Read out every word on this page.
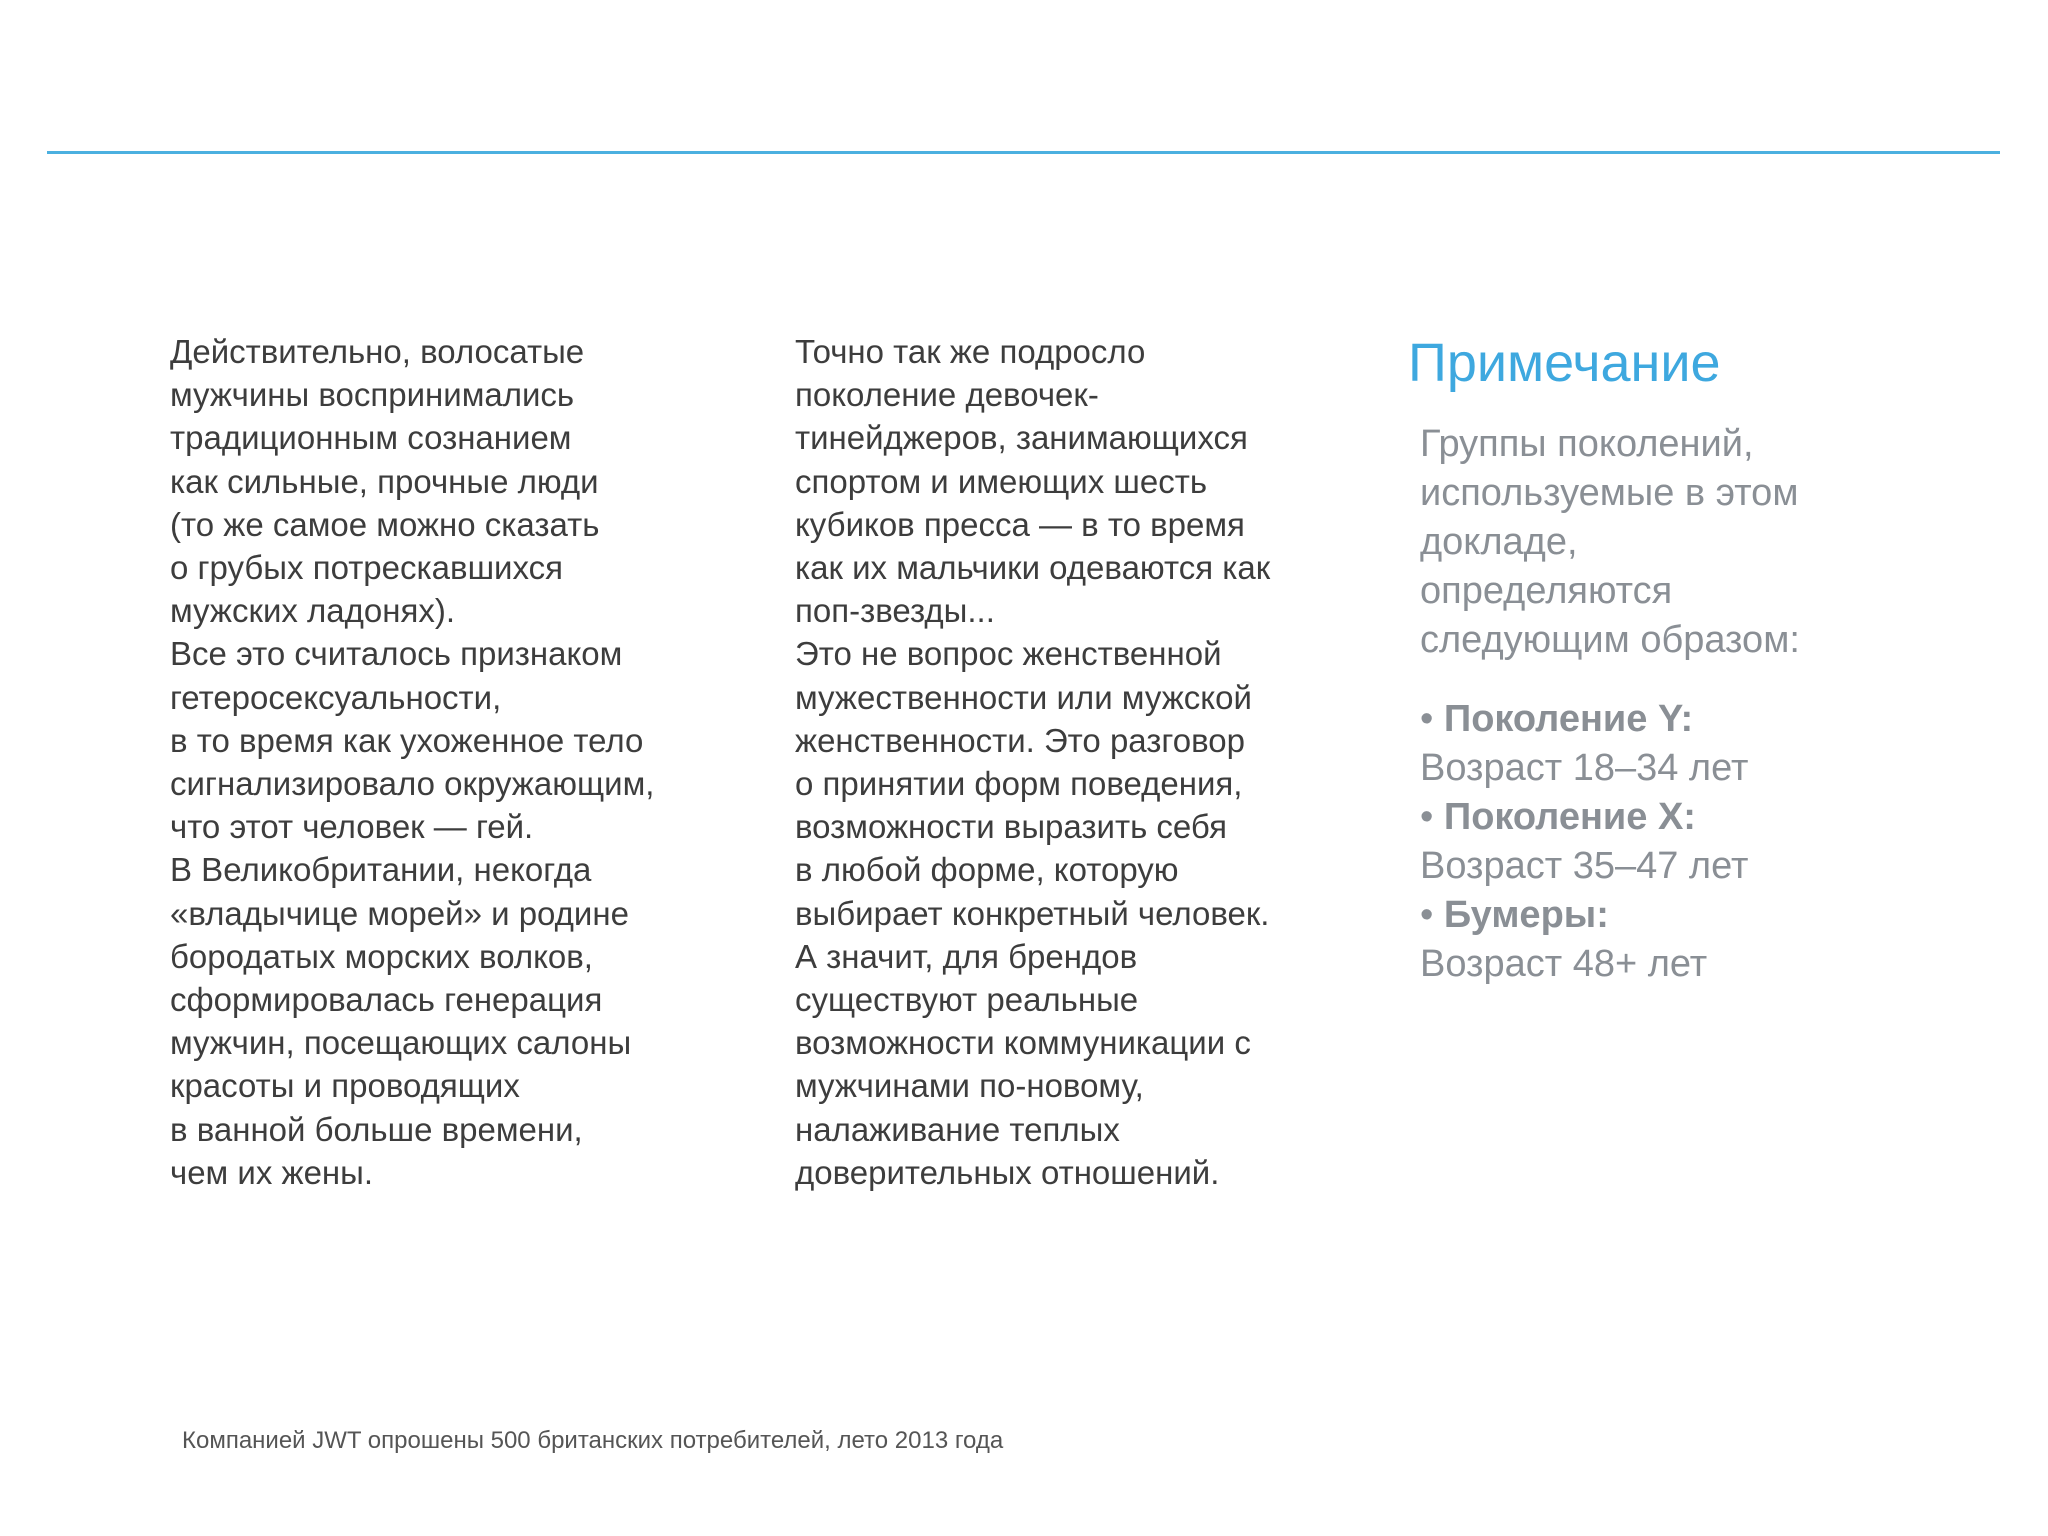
Действительно, волосатые
мужчины воспринимались
традиционным сознанием
как сильные, прочные люди
(то же самое можно сказать
о грубых потрескавшихся
мужских ладонях).

Все это считалось признаком
гетеросексуальности,
в то время как ухоженное тело
сигнализировало окружающим,
что этот человек — гей.

В Великобритании, некогда
«владычице морей» и родине
бородатых морских волков,
сформировалась генерация
мужчин, посещающих салоны
красоты и проводящих
в ванной больше времени,
чем их жены.

Точно так же подросло
поколение девочек-
тинейджеров, занимающихся
спортом и имеющих шесть
кубиков пресса — в то время
как их мальчики одеваются как
поп-звезды...

Это не вопрос женственной
мужественности или мужской
женственности. Это разговор
о принятии форм поведения,
возможности выразить себя
в любой форме, которую
выбирает конкретный человек.

А значит, для брендов
существуют реальные
возможности коммуникации с
мужчинами по-новому,
налаживание теплых
доверительных отношений.

Примечание
Группы поколений,
используемые в этом
докладе,
определяются
следующим образом:
• Поколение Y:
Возраст 18–34 лет
• Поколение X:
Возраст 35–47 лет
• Бумеры:
Возраст 48+ лет
Компанией JWT опрошены 500 британских потребителей, лето 2013 года
